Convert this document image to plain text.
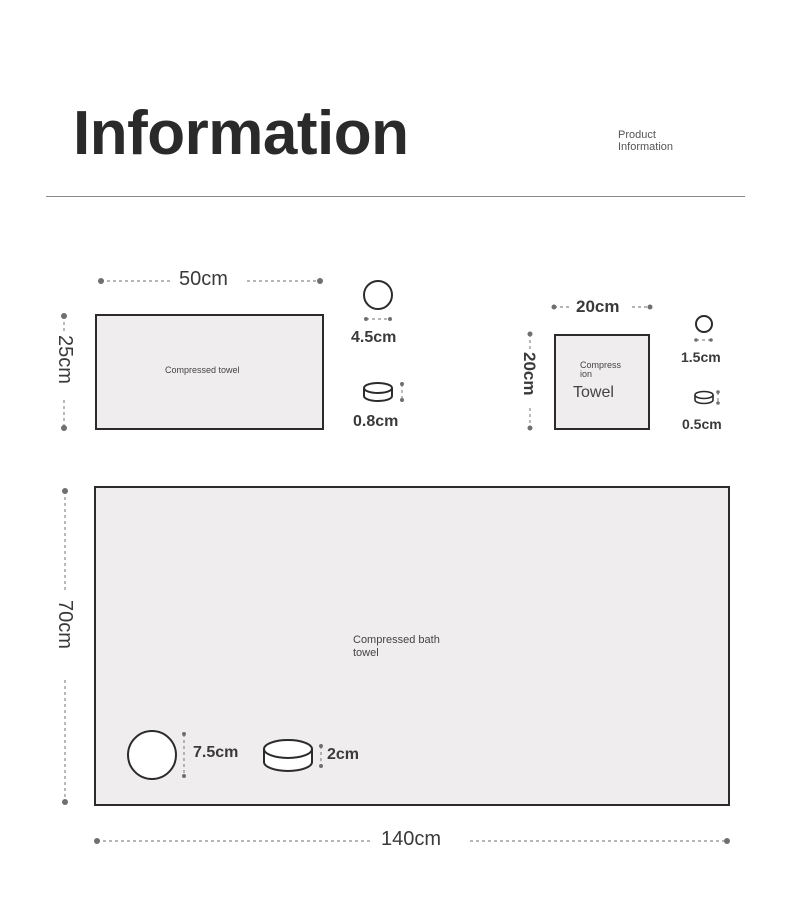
Information	Product
Information
Compressed towel	Compress
ion
Towel
Compressed bath
towel
50cm
25cm	4.5cm
0.8cm
20cm
20cm	1.5cm
0.5cm
140cm
70cm
7.5cm	2cm
